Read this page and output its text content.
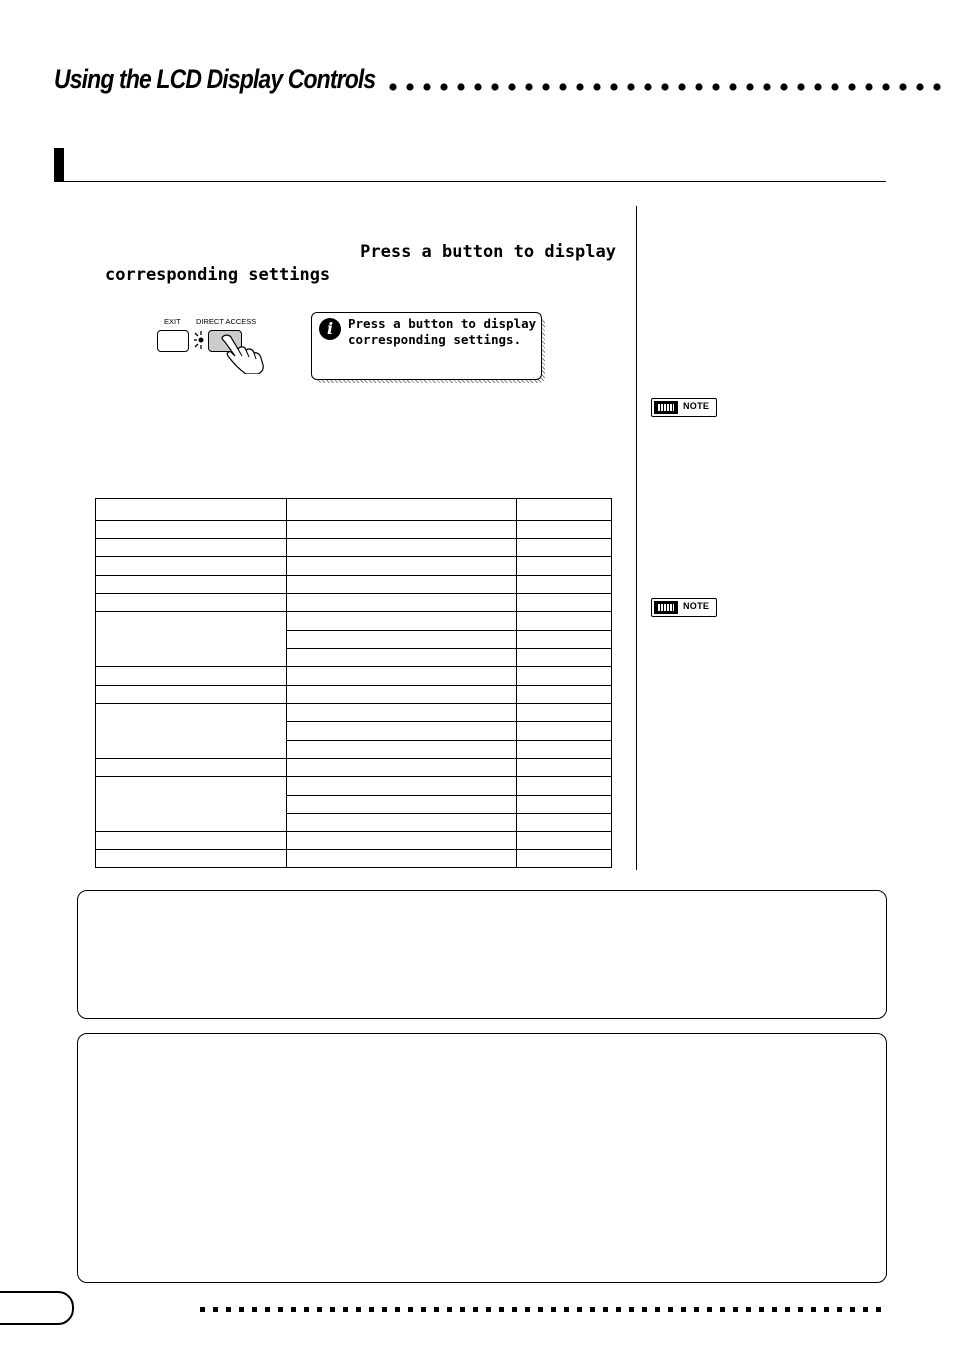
Using the LCD Display Controls
Press a button to display
corresponding settings
EXIT DIRECT ACCESS	i	Press a button to display
corresponding settings.
NOTE
NOTE
